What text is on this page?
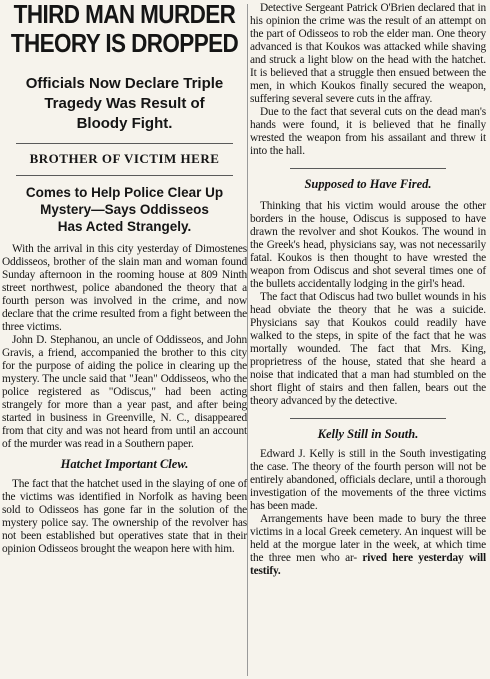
THIRD MAN MURDER

THEORY IS DROPPED

Officials Now Declare Triple

Tragedy Was Result of

Bloody Fight.

BROTHER OF VICTIM HERE

Comes to Help Police Clear Up

Mystery—Says Oddisseos

Has Acted Strangely.

With the arrival in this city yesterday of Dimostenes Oddisseos, brother of the slain man and woman found Sunday afternoon in the rooming house at 809 Ninth street northwest, police abandoned the theory that a fourth person was involved in the crime, and now declare that the crime resulted from a fight between the three victims.

John D. Stephanou, an uncle of Oddisseos, and John Gravis, a friend, accompanied the brother to this city for the purpose of aiding the police in clearing up the mystery. The uncle said that "Jean" Oddisseos, who the police registered as "Odiscus," had been acting strangely for more than a year past, and after being started in business in Greenville, N. C., disappeared from that city and was not heard from until an account of the murder was read in a Southern paper.

Hatchet Important Clew.

The fact that the hatchet used in the slaying of one of the victims was identified in Norfolk as having been sold to Odisseos has gone far in the solution of the mystery police say. The ownership of the revolver has not been established but operatives state that in their opinion Odisseos brought the weapon here with him.

Detective Sergeant Patrick O'Brien declared that in his opinion the crime was the result of an attempt on the part of Odisseos to rob the elder man. One theory advanced is that Koukos was attacked while shaving and struck a light blow on the head with the hatchet. It is believed that a struggle then ensued between the men, in which Koukos finally secured the weapon, suffering several severe cuts in the affray.

Due to the fact that several cuts on the dead man's hands were found, it is believed that he finally wrested the weapon from his assailant and threw it into the hall.

Supposed to Have Fired.

Thinking that his victim would arouse the other borders in the house, Odiscus is supposed to have drawn the revolver and shot Koukos. The wound in the Greek's head, physicians say, was not necessarily fatal. Koukos is then thought to have wrested the weapon from Odiscus and shot several times one of the bullets accidentally lodging in the girl's head.

The fact that Odiscus had two bullet wounds in his head obviate the theory that he was a suicide. Physicians say that Koukos could readily have walked to the steps, in spite of the fact that he was mortally wounded. The fact that Mrs. King, proprietress of the house, stated that she heard a noise that indicated that a man had stumbled on the short flight of stairs and then fallen, bears out the theory advanced by the detective.

Kelly Still in South.

Edward J. Kelly is still in the South investigating the case. The theory of the fourth person will not be entirely abandoned, officials declare, until a thorough investigation of the movements of the three victims has been made.

Arrangements have been made to bury the three victims in a local Greek cemetery. An inquest will be held at the morgue later in the week, at which time the three men who ar- rived here yesterday will testify.
